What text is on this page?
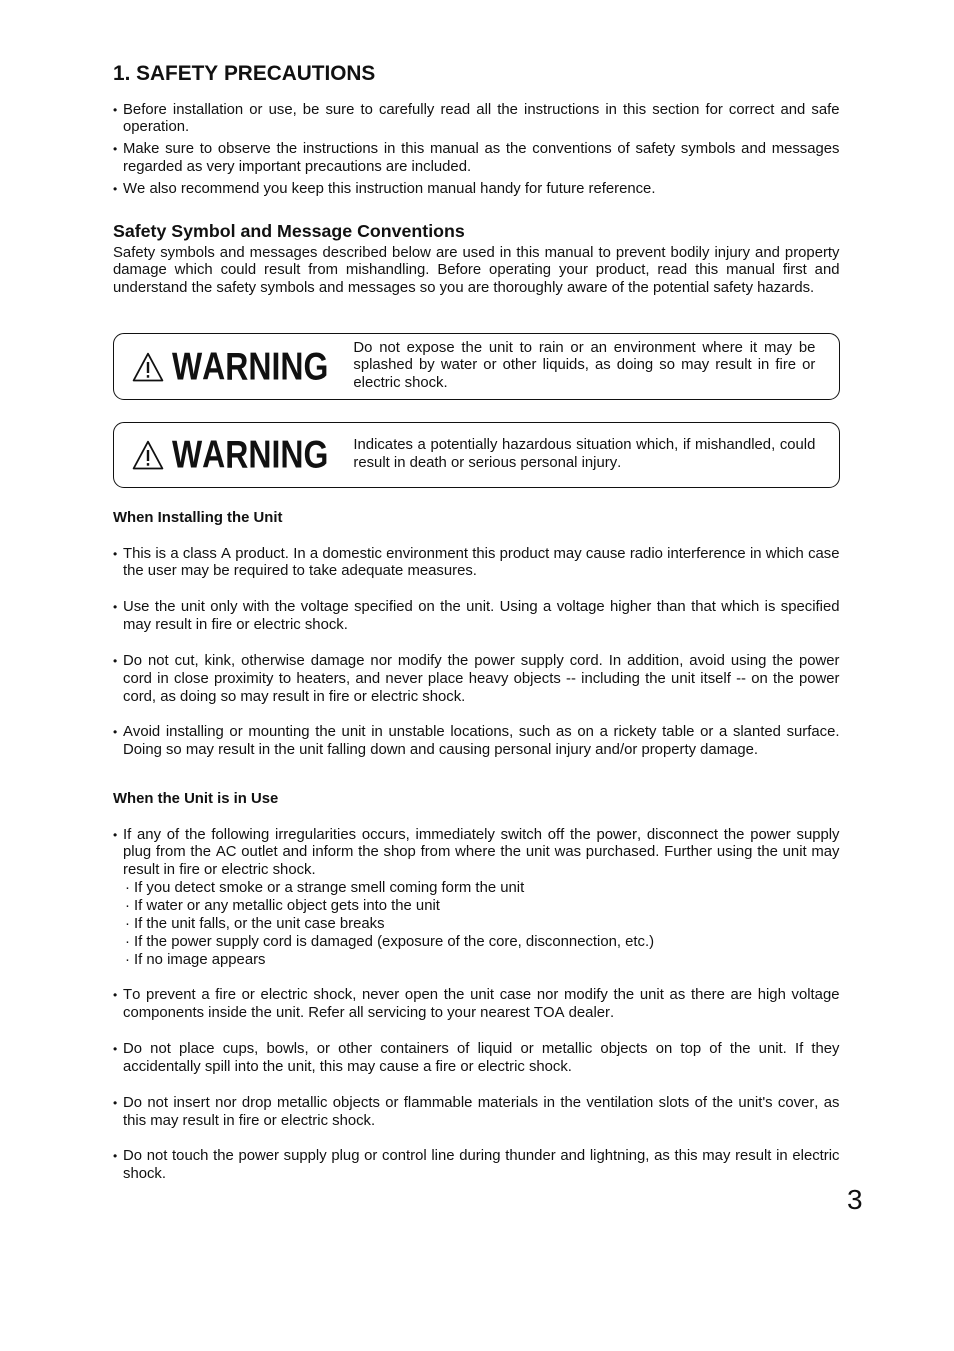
1. SAFETY PRECAUTIONS
• Before installation or use, be sure to carefully read all the instructions in this section for correct and safe operation.
• Make sure to observe the instructions in this manual as the conventions of safety symbols and messages regarded as very important precautions are included.
• We also recommend you keep this instruction manual handy for future reference.
Safety Symbol and Message Conventions

Safety symbols and messages described below are used in this manual to prevent bodily injury and property damage which could result from mishandling. Before operating your product, read this manual first and understand the safety symbols and messages so you are thoroughly aware of the potential safety hazards.

WARNING Do not expose the unit to rain or an environment where it may be splashed by water or other liquids, as doing so may result in fire or electric shock.
WARNING Indicates a potentially hazardous situation which, if mishandled, could result in death or serious personal injury.
When Installing the Unit
• This is a class A product. In a domestic environment this product may cause radio interference in which case the user may be required to take adequate measures.
• Use the unit only with the voltage specified on the unit. Using a voltage higher than that which is specified may result in fire or electric shock.
• Do not cut, kink, otherwise damage nor modify the power supply cord. In addition, avoid using the power cord in close proximity to heaters, and never place heavy objects -- including the unit itself -- on the power cord, as doing so may result in fire or electric shock.
• Avoid installing or mounting the unit in unstable locations, such as on a rickety table or a slanted surface. Doing so may result in the unit falling down and causing personal injury and/or property damage.
When the Unit is in Use
• If any of the following irregularities occurs, immediately switch off the power, disconnect the power supply plug from the AC outlet and inform the shop from where the unit was purchased. Further using the unit may result in fire or electric shock.
· If you detect smoke or a strange smell coming form the unit
· If water or any metallic object gets into the unit
· If the unit falls, or the unit case breaks
· If the power supply cord is damaged (exposure of the core, disconnection, etc.)
· If no image appears
• To prevent a fire or electric shock, never open the unit case nor modify the unit as there are high voltage components inside the unit. Refer all servicing to your nearest TOA dealer.
• Do not place cups, bowls, or other containers of liquid or metallic objects on top of the unit. If they accidentally spill into the unit, this may cause a fire or electric shock.
• Do not insert nor drop metallic objects or flammable materials in the ventilation slots of the unit's cover, as this may result in fire or electric shock.
• Do not touch the power supply plug or control line during thunder and lightning, as this may result in electric shock.
3
